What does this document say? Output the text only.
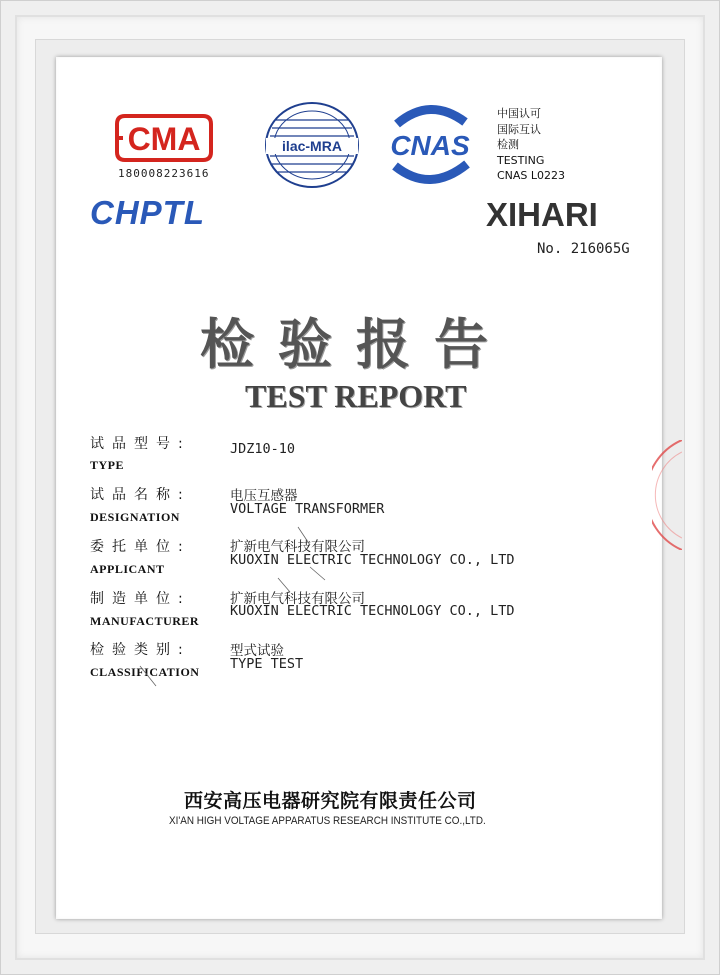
CMA
180008223616
ilac-MRA CNAS
中国认可
国际互认
检测
TESTING
CNAS L0223
CHPTL	XIHARI
No. 216065G
检验报告
TEST REPORT
试品型号:
TYPE
JDZ10-10
试品名称:
DESIGNATION
电压互感器
VOLTAGE TRANSFORMER
委托单位:
APPLICANT
扩新电气科技有限公司
KUOXIN ELECTRIC TECHNOLOGY CO., LTD
制造单位:
MANUFACTURER
扩新电气科技有限公司
KUOXIN ELECTRIC TECHNOLOGY CO., LTD
检验类别:
CLASSIFICATION
型式试验
TYPE TEST
西安高压电器研究院有限责任公司
XI'AN HIGH VOLTAGE APPARATUS RESEARCH INSTITUTE CO.,LTD.
